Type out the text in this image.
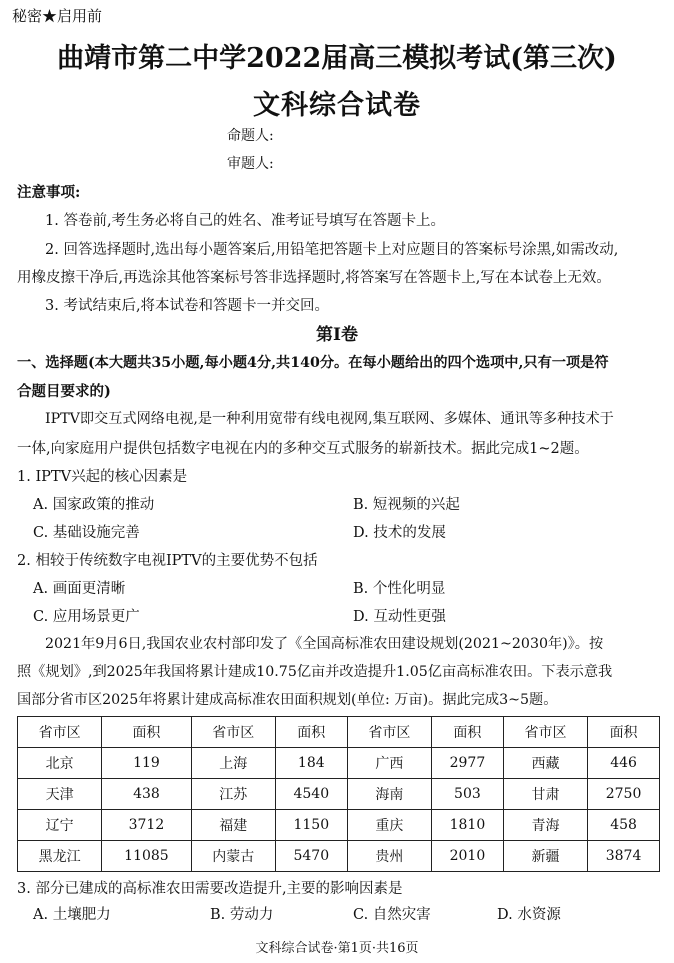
秘密★启用前
曲靖市第二中学2022届高三模拟考试(第三次)
文科综合试卷
命题人:
审题人:
注意事项:
1. 答卷前,考生务必将自己的姓名、准考证号填写在答题卡上。
2. 回答选择题时,选出每小题答案后,用铅笔把答题卡上对应题目的答案标号涂黑,如需改动,
用橡皮擦干净后,再选涂其他答案标号答非选择题时,将答案写在答题卡上,写在本试卷上无效。
3. 考试结束后,将本试卷和答题卡一并交回。
第Ⅰ卷
一、选择题(本大题共35小题,每小题4分,共140分。在每小题给出的四个选项中,只有一项是符
合题目要求的)
IPTV即交互式网络电视,是一种利用宽带有线电视网,集互联网、多媒体、通讯等多种技术于
一体,向家庭用户提供包括数字电视在内的多种交互式服务的崭新技术。据此完成1~2题。
1. IPTV兴起的核心因素是
A. 国家政策的推动	B. 短视频的兴起
C. 基础设施完善	D. 技术的发展
2. 相较于传统数字电视IPTV的主要优势不包括
A. 画面更清晰	B. 个性化明显
C. 应用场景更广	D. 互动性更强
2021年9月6日,我国农业农村部印发了《全国高标准农田建设规划(2021~2030年)》。按
照《规划》,到2025年我国将累计建成10.75亿亩并改造提升1.05亿亩高标准农田。下表示意我
国部分省市区2025年将累计建成高标准农田面积规划(单位: 万亩)。据此完成3~5题。
省市区	面积	省市区	面积	省市区	面积	省市区	面积
北京	119	上海	184	广西	2977	西藏	446
天津	438	江苏	4540	海南	503	甘肃	2750
辽宁	3712	福建	1150	重庆	1810	青海	458
黑龙江	11085	内蒙古	5470	贵州	2010	新疆	3874
3. 部分已建成的高标准农田需要改造提升,主要的影响因素是
A. 土壤肥力	B. 劳动力	C. 自然灾害	D. 水资源
文科综合试卷·第1页·共16页
